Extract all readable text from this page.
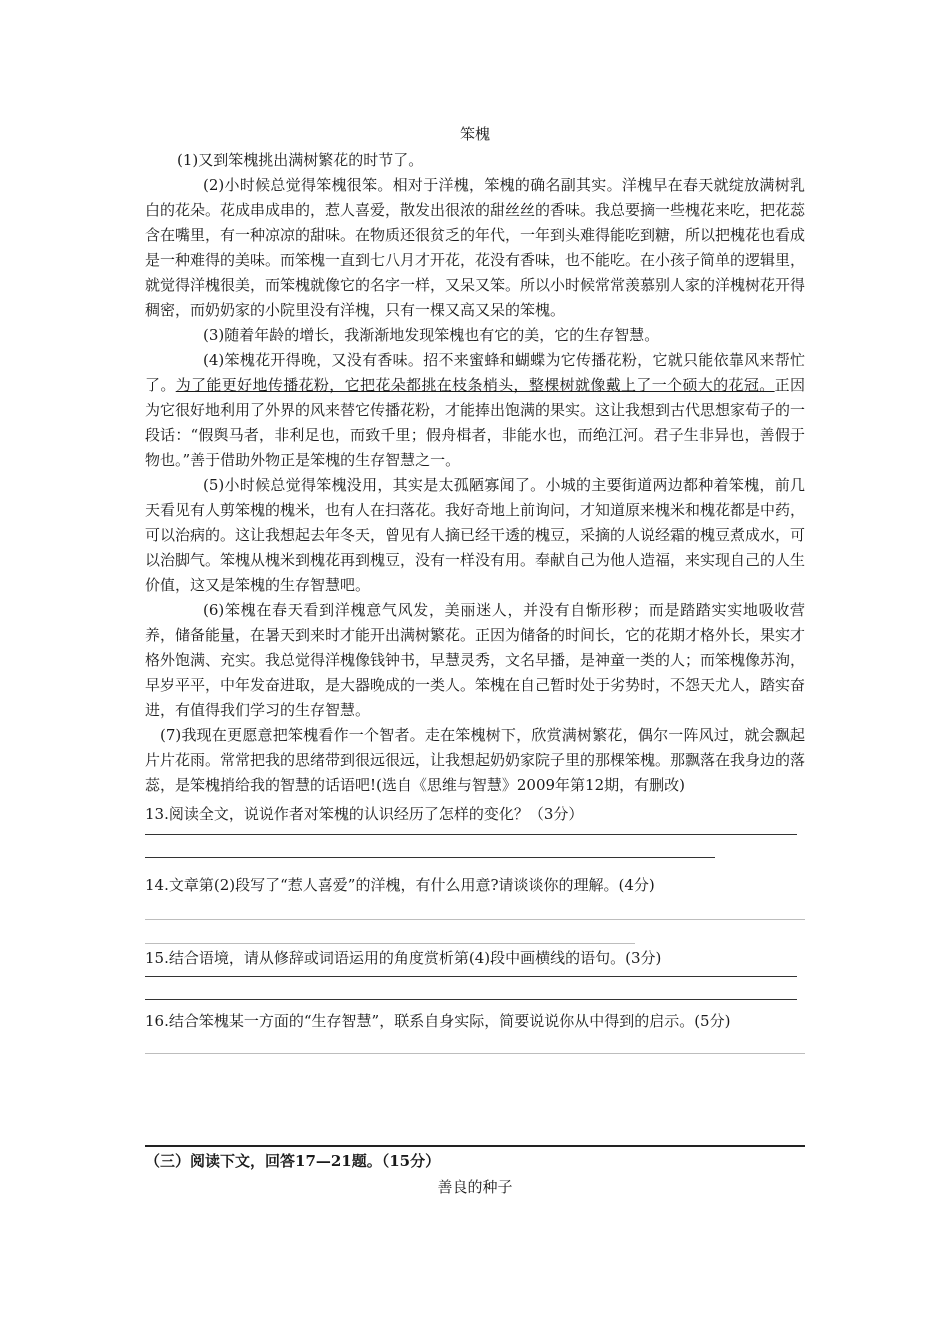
笨槐

(1)又到笨槐挑出满树繁花的时节了。

(2)小时候总觉得笨槐很笨。相对于洋槐，笨槐的确名副其实。洋槐早在春天就绽放满树乳白的花朵。花成串成串的，惹人喜爱，散发出很浓的甜丝丝的香味。我总要摘一些槐花来吃，把花蕊含在嘴里，有一种凉凉的甜味。在物质还很贫乏的年代，一年到头难得能吃到糖，所以把槐花也看成是一种难得的美味。而笨槐一直到七八月才开花，花没有香味，也不能吃。在小孩子简单的逻辑里，就觉得洋槐很美，而笨槐就像它的名字一样，又呆又笨。所以小时候常常羡慕别人家的洋槐树花开得稠密，而奶奶家的小院里没有洋槐，只有一棵又高又呆的笨槐。

(3)随着年龄的增长，我渐渐地发现笨槐也有它的美，它的生存智慧。

(4)笨槐花开得晚，又没有香味。招不来蜜蜂和蝴蝶为它传播花粉，它就只能依靠风来帮忙了。为了能更好地传播花粉，它把花朵都挑在枝条梢头，整棵树就像戴上了一个硕大的花冠。正因为它很好地利用了外界的风来替它传播花粉，才能捧出饱满的果实。这让我想到古代思想家荀子的一段话：“假舆马者，非利足也，而致千里；假舟楫者，非能水也，而绝江河。君子生非异也，善假于物也。”善于借助外物正是笨槐的生存智慧之一。

(5)小时候总觉得笨槐没用，其实是太孤陋寡闻了。小城的主要街道两边都种着笨槐，前几天看见有人剪笨槐的槐米，也有人在扫落花。我好奇地上前询问，才知道原来槐米和槐花都是中药，可以治病的。这让我想起去年冬天，曾见有人摘已经干透的槐豆，采摘的人说经霜的槐豆煮成水，可以治脚气。笨槐从槐米到槐花再到槐豆，没有一样没有用。奉献自己为他人造福，来实现自己的人生价值，这又是笨槐的生存智慧吧。

(6)笨槐在春天看到洋槐意气风发，美丽迷人，并没有自惭形秽；而是踏踏实实地吸收营养，储备能量，在暑天到来时才能开出满树繁花。正因为储备的时间长，它的花期才格外长，果实才格外饱满、充实。我总觉得洋槐像钱钟书，早慧灵秀，文名早播，是神童一类的人；而笨槐像苏洵，早岁平平，中年发奋进取，是大器晚成的一类人。笨槐在自己暂时处于劣势时，不怨天尤人，踏实奋进，有值得我们学习的生存智慧。

(7)我现在更愿意把笨槐看作一个智者。走在笨槐树下，欣赏满树繁花，偶尔一阵风过，就会飘起片片花雨。常常把我的思绪带到很远很远，让我想起奶奶家院子里的那棵笨槐。那飘落在我身边的落蕊，是笨槐捎给我的智慧的话语吧!(选自《思维与智慧》2009年第12期，有删改)

13.阅读全文，说说作者对笨槐的认识经历了怎样的变化？（3分）
14.文章第(2)段写了“惹人喜爱”的洋槐，有什么用意?请谈谈你的理解。(4分)
15.结合语境，请从修辞或词语运用的角度赏析第(4)段中画横线的语句。(3分)
16.结合笨槐某一方面的“生存智慧”，联系自身实际，简要说说你从中得到的启示。(5分)
（三）阅读下文，回答17—21题。（15分）
善良的种子
